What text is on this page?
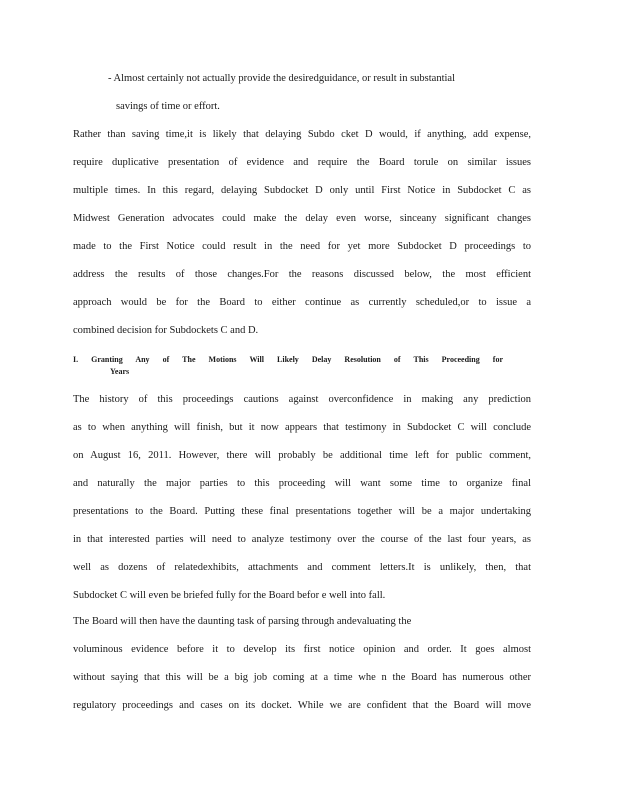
- Almost certainly not actually provide the desiredguidance, or result in substantial
savings of time or effort.
Rather than saving time,it is likely that delaying Subdo cket D would, if anything, add expense,
require duplicative presentation of evidence and require the Board torule on similar issues
multiple times. In this regard, delaying Subdocket D only until First Notice in Subdocket C as
Midwest Generation advocates could make the delay even worse, sinceany significant changes
made to the First Notice could result in the need for yet more Subdocket D proceedings to
address the results of those changes.For the reasons discussed below, the most efficient
approach would be for the Board to either continue as currently scheduled,or to issue a
combined decision for Subdockets C and D.
I. Granting Any of The Motions Will Likely Delay Resolution of This Proceeding for
Years
The history of this proceedings cautions against overconfidence in making any prediction
as to when anything will finish, but it now appears that testimony in Subdocket C will conclude
on August 16, 2011. However, there will probably be additional time left for public comment,
and naturally the major parties to this proceeding will want some time to organize final
presentations to the Board. Putting these final presentations together will be a major undertaking
in that interested parties will need to analyze testimony over the course of the last four years, as
well as dozens of relatedexhibits, attachments and comment letters.It is unlikely, then, that
Subdocket C will even be briefed fully for the Board befor e well into fall.
The Board will then have the daunting task of parsing through andevaluating the
voluminous evidence before it to develop its first notice opinion and order. It goes almost
without saying that this will be a big job coming at a time whe n the Board has numerous other
regulatory proceedings and cases on its docket. While we are confident that the Board will move
